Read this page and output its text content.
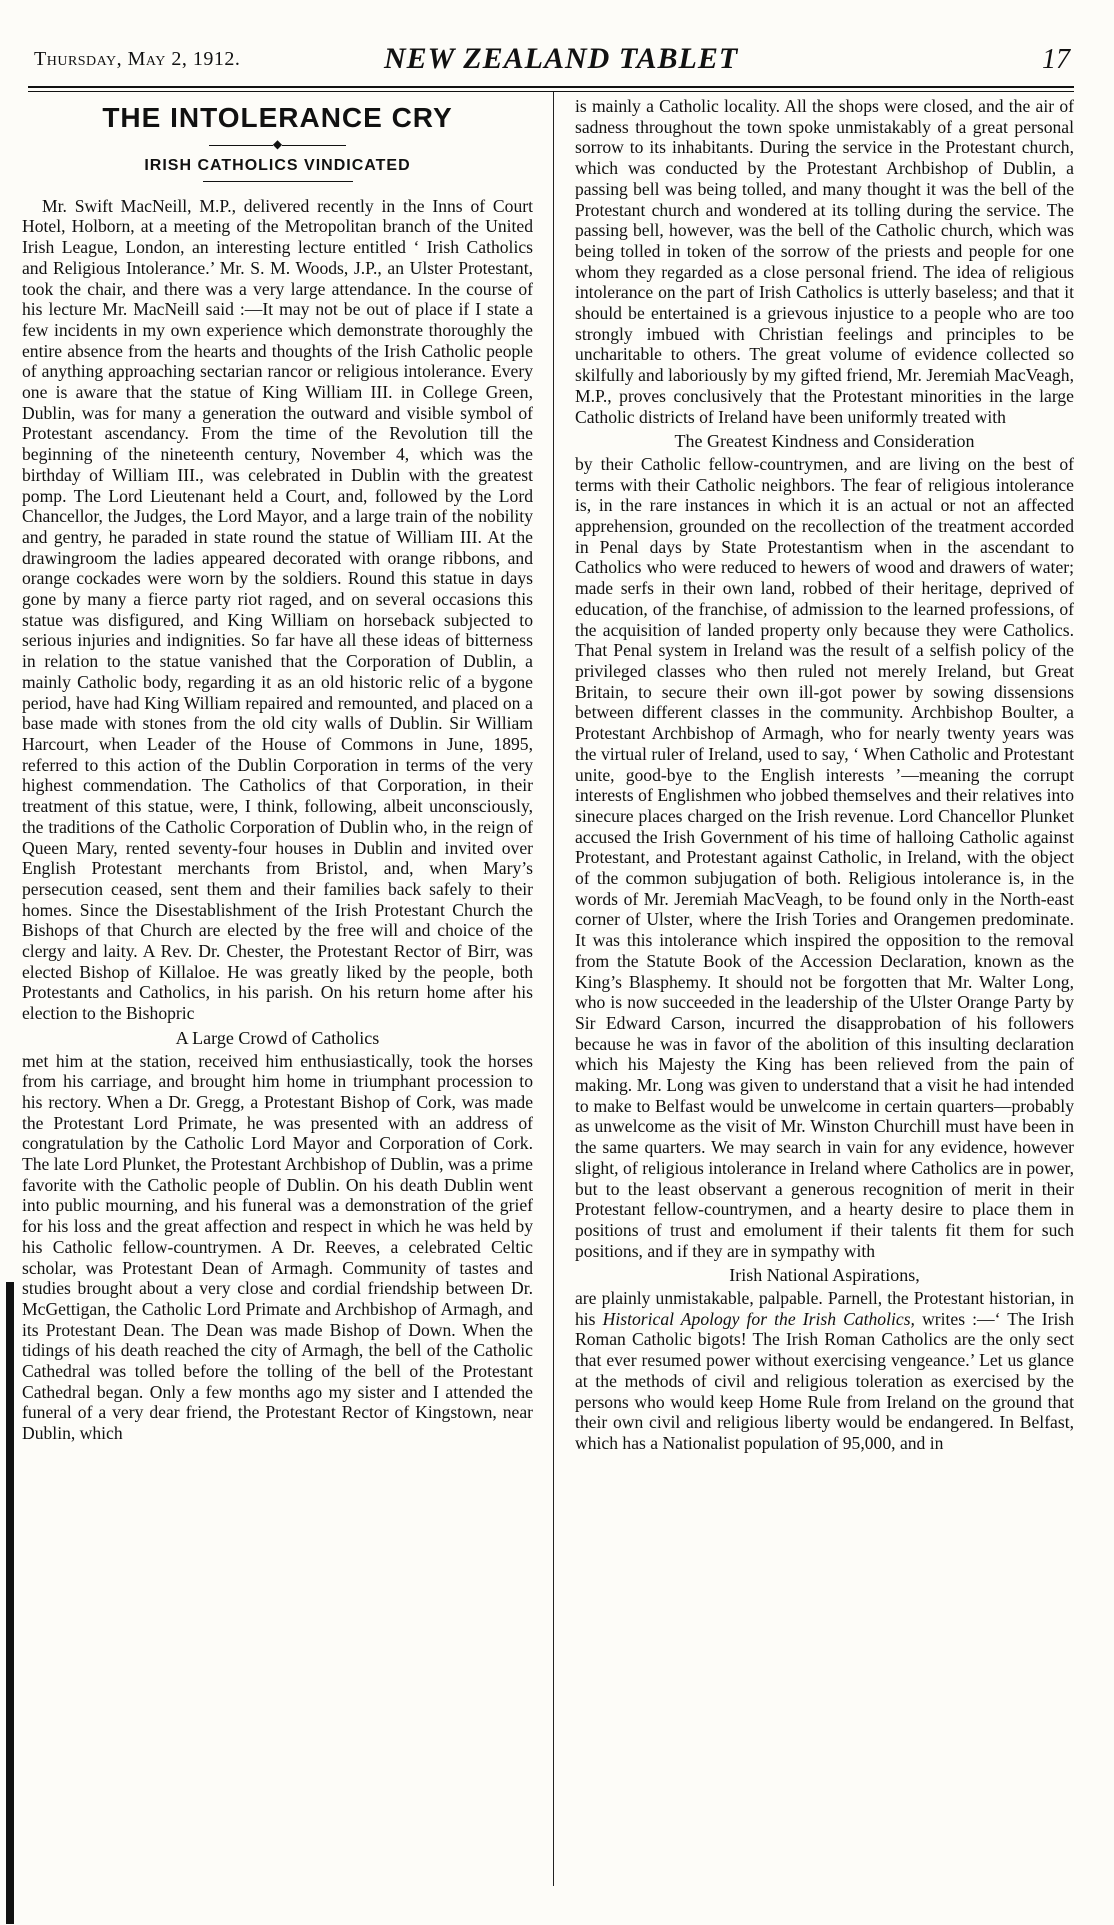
Thursday, May 2, 1912.	NEW ZEALAND TABLET	17
THE INTOLERANCE CRY
◆
IRISH CATHOLICS VINDICATED

Mr. Swift MacNeill, M.P., delivered recently in the Inns of Court Hotel, Holborn, at a meeting of the Metropolitan branch of the United Irish League, London, an interesting lecture entitled ‘ Irish Catholics and Religious Intolerance.’ Mr. S. M. Woods, J.P., an Ulster Protestant, took the chair, and there was a very large attendance. In the course of his lecture Mr. MacNeill said :—It may not be out of place if I state a few incidents in my own experience which demonstrate thoroughly the entire absence from the hearts and thoughts of the Irish Catholic people of anything approaching sectarian rancor or religious intolerance. Every one is aware that the statue of King William III. in College Green, Dublin, was for many a generation the outward and visible symbol of Protestant ascendancy. From the time of the Revolution till the beginning of the nineteenth century, November 4, which was the birthday of William III., was celebrated in Dublin with the greatest pomp. The Lord Lieutenant held a Court, and, followed by the Lord Chancellor, the Judges, the Lord Mayor, and a large train of the nobility and gentry, he paraded in state round the statue of William III. At the drawingroom the ladies appeared decorated with orange ribbons, and orange cockades were worn by the soldiers. Round this statue in days gone by many a fierce party riot raged, and on several occasions this statue was disfigured, and King William on horseback subjected to serious injuries and indignities. So far have all these ideas of bitterness in relation to the statue vanished that the Corporation of Dublin, a mainly Catholic body, regarding it as an old historic relic of a bygone period, have had King William repaired and remounted, and placed on a base made with stones from the old city walls of Dublin. Sir William Harcourt, when Leader of the House of Commons in June, 1895, referred to this action of the Dublin Corporation in terms of the very highest commendation. The Catholics of that Corporation, in their treatment of this statue, were, I think, following, albeit unconsciously, the traditions of the Catholic Corporation of Dublin who, in the reign of Queen Mary, rented seventy-four houses in Dublin and invited over English Protestant merchants from Bristol, and, when Mary’s persecution ceased, sent them and their families back safely to their homes. Since the Disestablishment of the Irish Protestant Church the Bishops of that Church are elected by the free will and choice of the clergy and laity. A Rev. Dr. Chester, the Protestant Rector of Birr, was elected Bishop of Killaloe. He was greatly liked by the people, both Protestants and Catholics, in his parish. On his return home after his election to the Bishopric

A Large Crowd of Catholics

met him at the station, received him enthusiastically, took the horses from his carriage, and brought him home in triumphant procession to his rectory. When a Dr. Gregg, a Protestant Bishop of Cork, was made the Protestant Lord Primate, he was presented with an address of congratulation by the Catholic Lord Mayor and Corporation of Cork. The late Lord Plunket, the Protestant Archbishop of Dublin, was a prime favorite with the Catholic people of Dublin. On his death Dublin went into public mourning, and his funeral was a demonstration of the grief for his loss and the great affection and respect in which he was held by his Catholic fellow-countrymen. A Dr. Reeves, a celebrated Celtic scholar, was Protestant Dean of Armagh. Community of tastes and studies brought about a very close and cordial friendship between Dr. McGettigan, the Catholic Lord Primate and Archbishop of Armagh, and its Protestant Dean. The Dean was made Bishop of Down. When the tidings of his death reached the city of Armagh, the bell of the Catholic Cathedral was tolled before the tolling of the bell of the Protestant Cathedral began. Only a few months ago my sister and I attended the funeral of a very dear friend, the Protestant Rector of Kingstown, near Dublin, which

is mainly a Catholic locality. All the shops were closed, and the air of sadness throughout the town spoke unmistakably of a great personal sorrow to its inhabitants. During the service in the Protestant church, which was conducted by the Protestant Archbishop of Dublin, a passing bell was being tolled, and many thought it was the bell of the Protestant church and wondered at its tolling during the service. The passing bell, however, was the bell of the Catholic church, which was being tolled in token of the sorrow of the priests and people for one whom they regarded as a close personal friend. The idea of religious intolerance on the part of Irish Catholics is utterly baseless; and that it should be entertained is a grievous injustice to a people who are too strongly imbued with Christian feelings and principles to be uncharitable to others. The great volume of evidence collected so skilfully and laboriously by my gifted friend, Mr. Jeremiah MacVeagh, M.P., proves conclusively that the Protestant minorities in the large Catholic districts of Ireland have been uniformly treated with

The Greatest Kindness and Consideration

by their Catholic fellow-countrymen, and are living on the best of terms with their Catholic neighbors. The fear of religious intolerance is, in the rare instances in which it is an actual or not an affected apprehension, grounded on the recollection of the treatment accorded in Penal days by State Protestantism when in the ascendant to Catholics who were reduced to hewers of wood and drawers of water; made serfs in their own land, robbed of their heritage, deprived of education, of the franchise, of admission to the learned professions, of the acquisition of landed property only because they were Catholics. That Penal system in Ireland was the result of a selfish policy of the privileged classes who then ruled not merely Ireland, but Great Britain, to secure their own ill-got power by sowing dissensions between different classes in the community. Archbishop Boulter, a Protestant Archbishop of Armagh, who for nearly twenty years was the virtual ruler of Ireland, used to say, ‘ When Catholic and Protestant unite, good-bye to the English interests ’—meaning the corrupt interests of Englishmen who jobbed themselves and their relatives into sinecure places charged on the Irish revenue. Lord Chancellor Plunket accused the Irish Government of his time of halloing Catholic against Protestant, and Protestant against Catholic, in Ireland, with the object of the common subjugation of both. Religious intolerance is, in the words of Mr. Jeremiah MacVeagh, to be found only in the North-east corner of Ulster, where the Irish Tories and Orangemen predominate. It was this intolerance which inspired the opposition to the removal from the Statute Book of the Accession Declaration, known as the King’s Blasphemy. It should not be forgotten that Mr. Walter Long, who is now succeeded in the leadership of the Ulster Orange Party by Sir Edward Carson, incurred the disapprobation of his followers because he was in favor of the abolition of this insulting declaration which his Majesty the King has been relieved from the pain of making. Mr. Long was given to understand that a visit he had intended to make to Belfast would be unwelcome in certain quarters—probably as unwelcome as the visit of Mr. Winston Churchill must have been in the same quarters. We may search in vain for any evidence, however slight, of religious intolerance in Ireland where Catholics are in power, but to the least observant a generous recognition of merit in their Protestant fellow-countrymen, and a hearty desire to place them in positions of trust and emolument if their talents fit them for such positions, and if they are in sympathy with

Irish National Aspirations,

are plainly unmistakable, palpable. Parnell, the Protestant historian, in his Historical Apology for the Irish Catholics, writes :—‘ The Irish Roman Catholic bigots! The Irish Roman Catholics are the only sect that ever resumed power without exercising vengeance.’ Let us glance at the methods of civil and religious toleration as exercised by the persons who would keep Home Rule from Ireland on the ground that their own civil and religious liberty would be endangered. In Belfast, which has a Nationalist population of 95,000, and in
